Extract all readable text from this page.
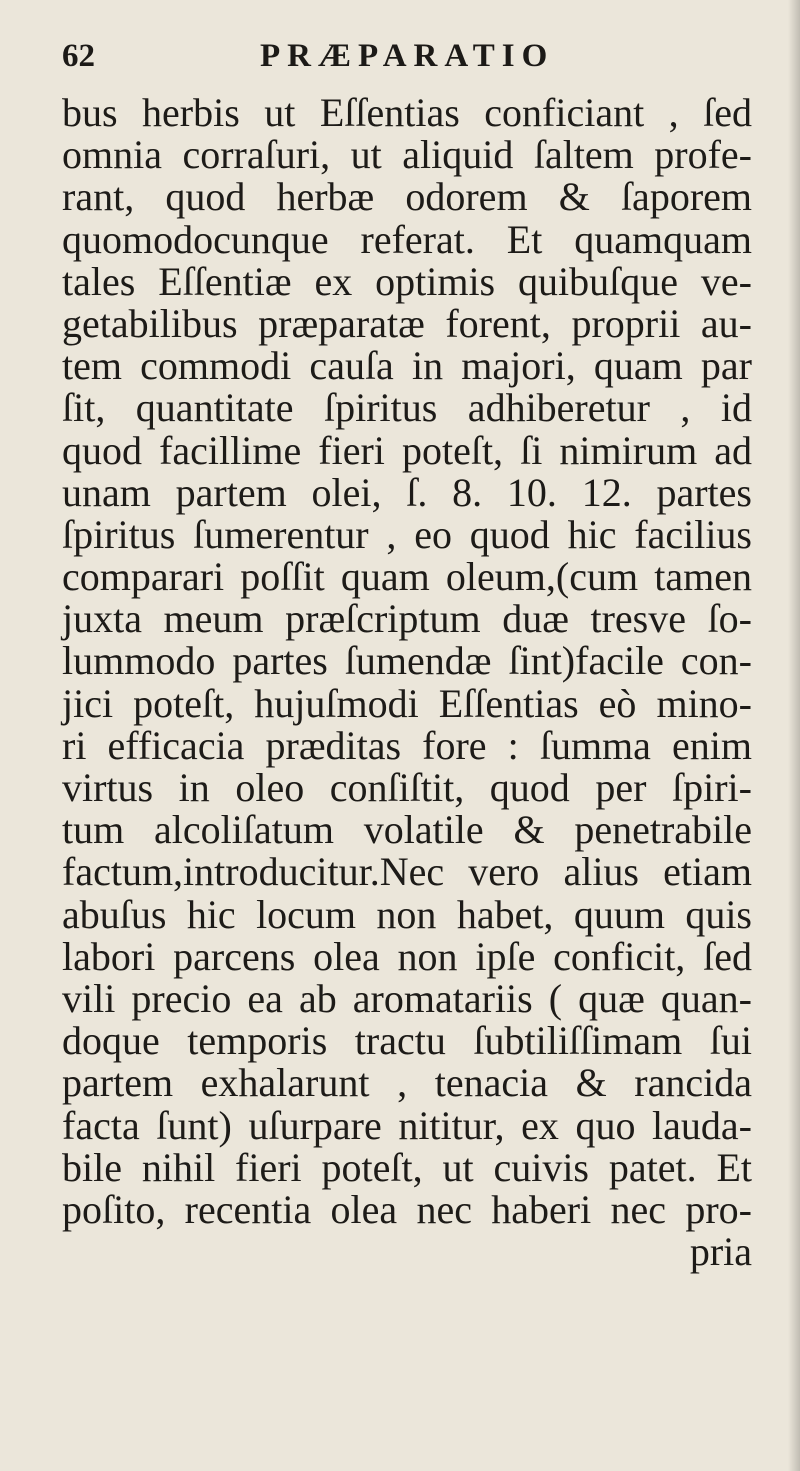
62	PRÆPARATIO
bus herbis ut Eſſentias conficiant , ſed
omnia corraſuri, ut aliquid ſaltem profe-
rant, quod herbæ odorem & ſaporem
quomodocunque referat. Et quamquam
tales Eſſentiæ ex optimis quibuſque ve-
getabilibus præparatæ forent, proprii au-
tem commodi cauſa in majori, quam par
ſit, quantitate ſpiritus adhiberetur , id
quod facillime fieri poteſt, ſi nimirum ad
unam partem olei, ſ. 8. 10. 12. partes
ſpiritus ſumerentur , eo quod hic facilius
comparari poſſit quam oleum,(cum tamen
juxta meum præſcriptum duæ tresve ſo-
lummodo partes ſumendæ ſint)facile con-
jici poteſt, hujuſmodi Eſſentias eò mino-
ri efficacia præditas fore : ſumma enim
virtus in oleo conſiſtit, quod per ſpiri-
tum alcoliſatum volatile & penetrabile
factum,introducitur.Nec vero alius etiam
abuſus hic locum non habet, quum quis
labori parcens olea non ipſe conficit, ſed
vili precio ea ab aromatariis ( quæ quan-
doque temporis tractu ſubtiliſſimam ſui
partem exhalarunt , tenacia & rancida
facta ſunt) uſurpare nititur, ex quo lauda-
bile nihil fieri poteſt, ut cuivis patet. Et
poſito, recentia olea nec haberi nec pro-
pria
